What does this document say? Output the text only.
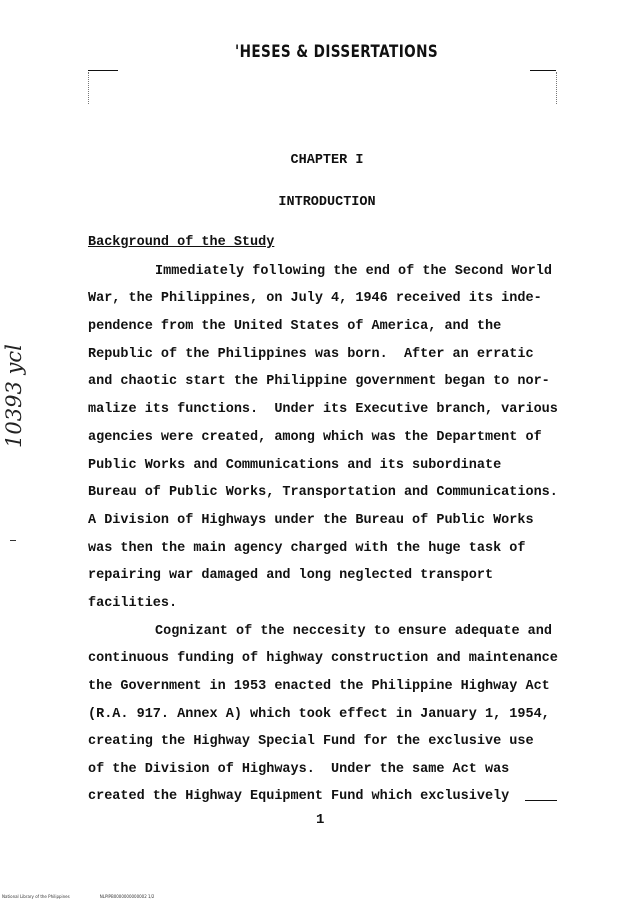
'HESES & DISSERTATIONS
CHAPTER I
INTRODUCTION
Background of the Study
Immediately following the end of the Second World
War, the Philippines, on July 4, 1946 received its inde-
pendence from the United States of America, and the
Republic of the Philippines was born.  After an erratic
and chaotic start the Philippine government began to nor-
malize its functions.  Under its Executive branch, various
agencies were created, among which was the Department of
Public Works and Communications and its subordinate
Bureau of Public Works, Transportation and Communications.
A Division of Highways under the Bureau of Public Works
was then the main agency charged with the huge task of
repairing war damaged and long neglected transport
facilities.
Cognizant of the neccesity to ensure adequate and
continuous funding of highway construction and maintenance
the Government in 1953 enacted the Philippine Highway Act
(R.A. 917. Annex A) which took effect in January 1, 1954,
creating the Highway Special Fund for the exclusive use
of the Division of Highways.  Under the same Act was
created the Highway Equipment Fund which exclusively
1
10393 ycl
National Library of the Philippines	NLPIPB0000000000002 1/2
